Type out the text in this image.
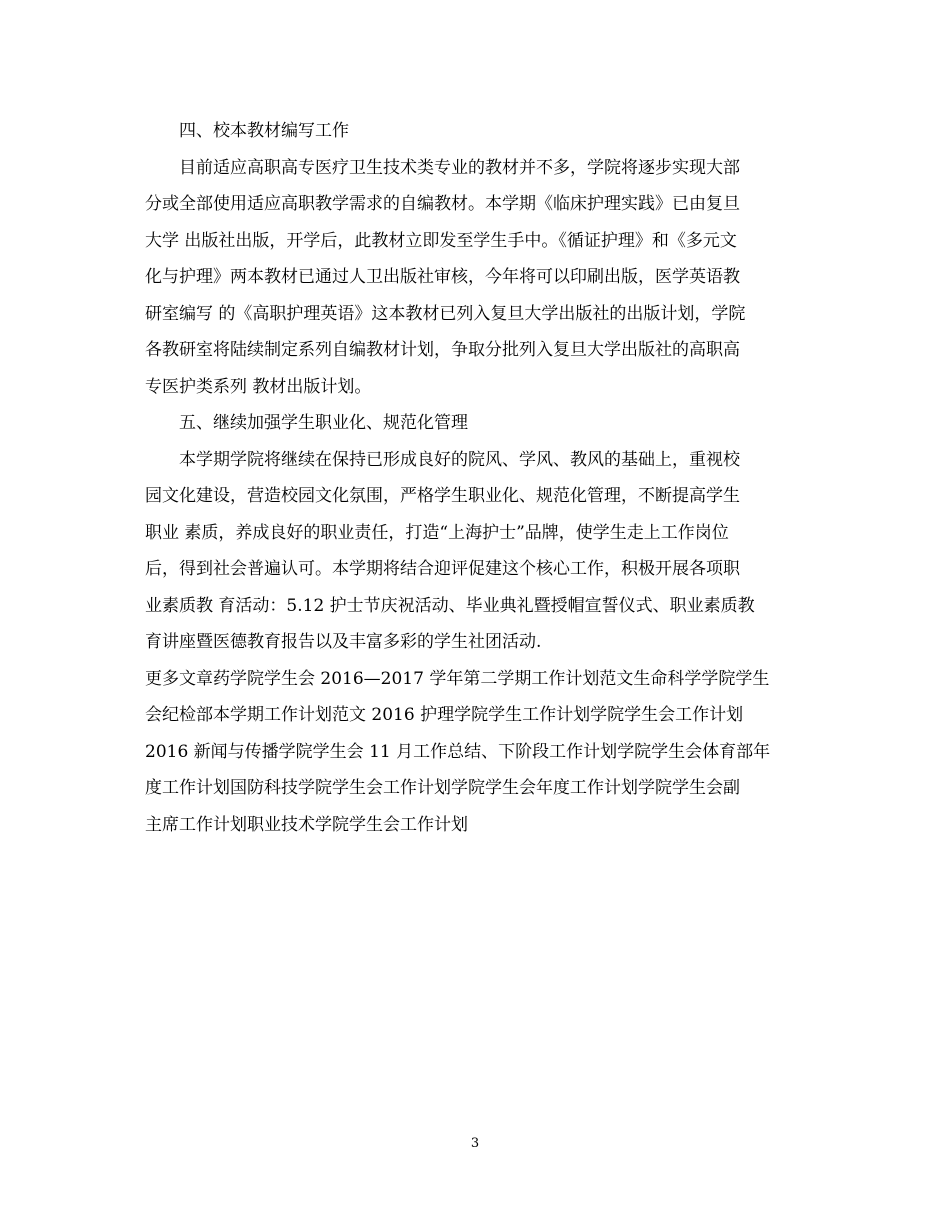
四、校本教材编写工作
目前适应高职高专医疗卫生技术类专业的教材并不多，学院将逐步实现大部
分或全部使用适应高职教学需求的自编教材。本学期《临床护理实践》已由复旦
大学 出版社出版，开学后，此教材立即发至学生手中。《循证护理》和《多元文
化与护理》两本教材已通过人卫出版社审核，今年将可以印刷出版，医学英语教
研室编写 的《高职护理英语》这本教材已列入复旦大学出版社的出版计划，学院
各教研室将陆续制定系列自编教材计划，争取分批列入复旦大学出版社的高职高
专医护类系列 教材出版计划。
五、继续加强学生职业化、规范化管理
本学期学院将继续在保持已形成良好的院风、学风、教风的基础上，重视校
园文化建设，营造校园文化氛围，严格学生职业化、规范化管理，不断提高学生
职业 素质，养成良好的职业责任，打造“上海护士”品牌，使学生走上工作岗位
后，得到社会普遍认可。本学期将结合迎评促建这个核心工作，积极开展各项职
业素质教 育活动：5.12 护士节庆祝活动、毕业典礼暨授帽宣誓仪式、职业素质教
育讲座暨医德教育报告以及丰富多彩的学生社团活动.
更多文章药学院学生会 2016—2017 学年第二学期工作计划范文生命科学学院学生
会纪检部本学期工作计划范文 2016 护理学院学生工作计划学院学生会工作计划
2016 新闻与传播学院学生会 11 月工作总结、下阶段工作计划学院学生会体育部年
度工作计划国防科技学院学生会工作计划学院学生会年度工作计划学院学生会副
主席工作计划职业技术学院学生会工作计划
3
